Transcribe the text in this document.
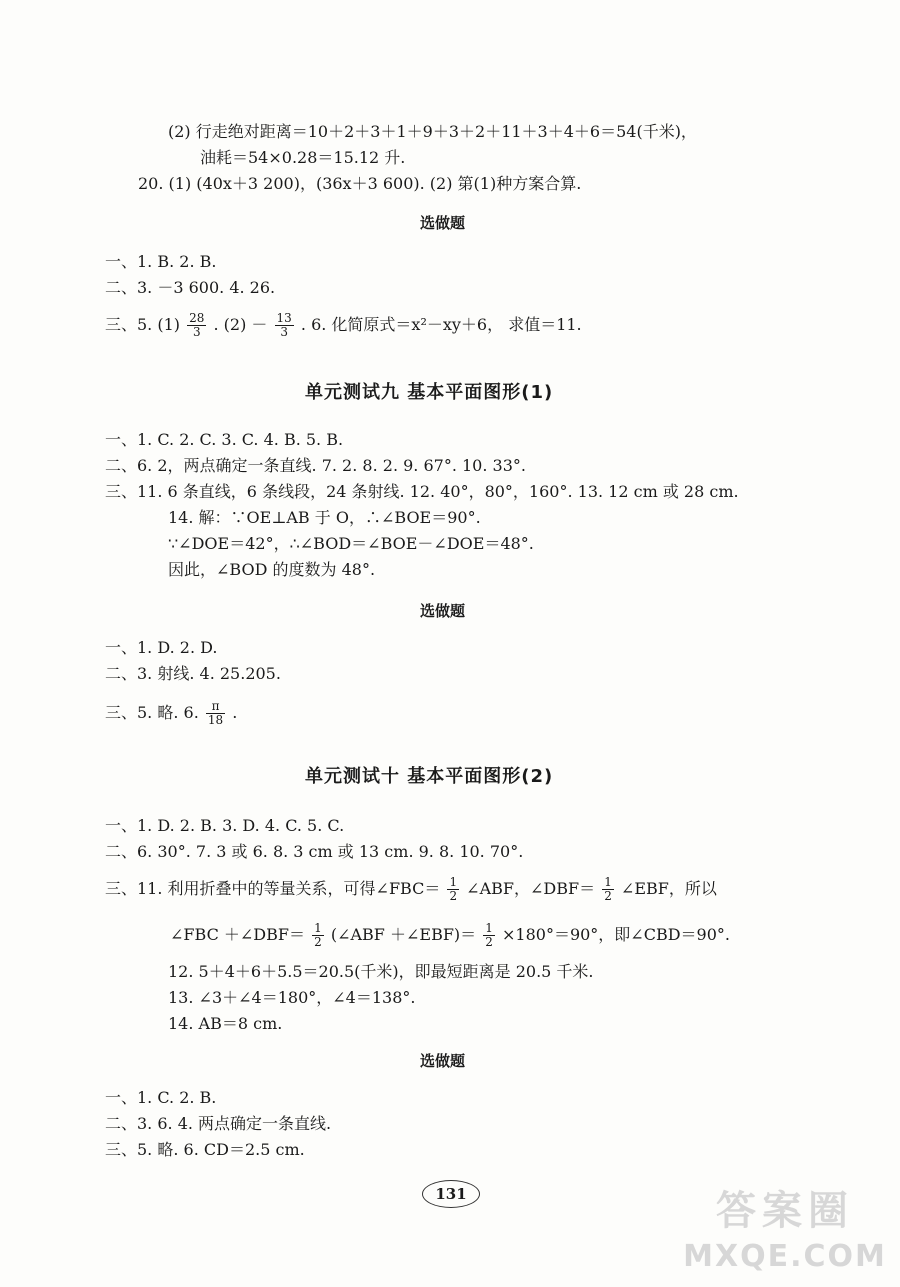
(2) 行走绝对距离＝10＋2＋3＋1＋9＋3＋2＋11＋3＋4＋6＝54(千米)，
油耗＝54×0.28＝15.12 升.
20. (1) (40x＋3 200)，(36x＋3 600). (2) 第(1)种方案合算.
选做题
一、1. B. 2. B.
二、3. －3 600. 4. 26.
三、5. $(1) \frac{28}{3}$ . $(2) - \frac{13}{3}$ . 6. 化简原式＝x²－xy＋6， 求值＝11.
单元测试九 基本平面图形(1)
一、1. C. 2. C. 3. C. 4. B. 5. B.
二、6. 2，两点确定一条直线. 7. 2. 8. 2. 9. 67°. 10. 33°.
三、11. 6 条直线，6 条线段，24 条射线. 12. 40°，80°，160°. 13. 12 cm 或 28 cm.
14. 解：∵OE⊥AB 于 O，∴∠BOE＝90°.
∵∠DOE＝42°，∴∠BOD＝∠BOE－∠DOE＝48°.
因此，∠BOD 的度数为 48°.
选做题
一、1. D. 2. D.
二、3. 射线. 4. 25.205.
三、5. 略. 6. $\frac{\pi}{18}$ .
单元测试十 基本平面图形(2)
一、1. D. 2. B. 3. D. 4. C. 5. C.
二、6. 30°. 7. 3 或 6. 8. 3 cm 或 13 cm. 9. 8. 10. 70°.
三、11. 利用折叠中的等量关系，可得∠FBC＝ $\frac{1}{2}$ ∠ABF，∠DBF＝ $\frac{1}{2}$ ∠EBF，所以
∠FBC ＋∠DBF＝ $\frac{1}{2}$ (∠ABF ＋∠EBF)＝ $\frac{1}{2} \times 180^\circ=90^\circ$，即∠CBD＝90°.
12. 5＋4＋6＋5.5＝20.5(千米)，即最短距离是 20.5 千米.
13. ∠3＋∠4＝180°，∠4＝138°.
14. AB＝8 cm.
选做题
一、1. C. 2. B.
二、3. 6. 4. 两点确定一条直线.
三、5. 略. 6. CD＝2.5 cm.
131	答案圈
MXQE.COM
